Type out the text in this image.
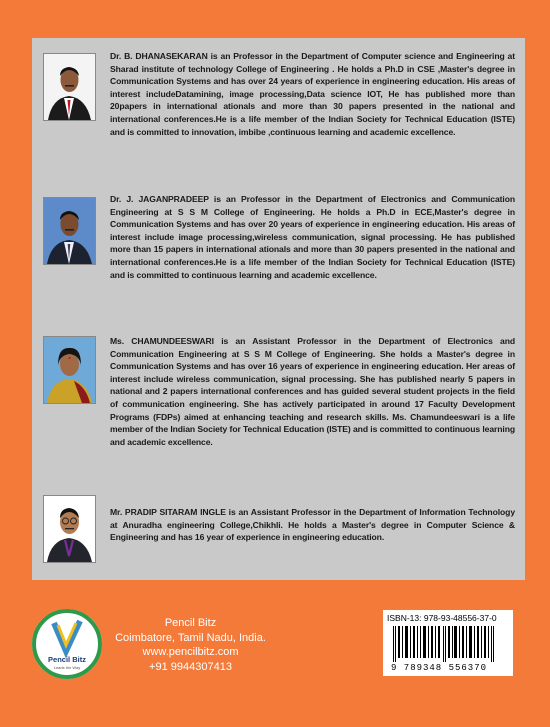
Dr. B. DHANASEKARAN is an Professor in the Department of Computer science and Engineering at Sharad institute of technology College of Engineering . He holds a Ph.D in CSE ,Master's degree in Communication Systems and has over 24 years of experience in engineering education. His areas of interest includeDatamining, image processing,Data science IOT, He has published more than 20papers in international ationals and more than 30 papers presented in the national and international conferences.He is a life member of the Indian Society for Technical Education (ISTE) and is committed to innovation, imbibe ,continuous learning and academic excellence.
Dr. J. JAGANPRADEEP is an Professor in the Department of Electronics and Communication Engineering at S S M College of Engineering. He holds a Ph.D in ECE,Master's degree in Communication Systems and has over 20 years of experience in engineering education. His areas of interest include image processing,wireless communication, signal processing. He has published more than 15 papers in international ationals and more than 30 papers presented in the national and international conferences.He is a life member of the Indian Society for Technical Education (ISTE) and is committed to continuous learning and academic excellence.
Ms. CHAMUNDEESWARI is an Assistant Professor in the Department of Electronics and Communication Engineering at S S M College of Engineering. She holds a Master's degree in Communication Systems and has over 16 years of experience in engineering education. Her areas of interest include wireless communication, signal processing. She has published nearly 5 papers in national and 2 papers international conferences and has guided several student projects in the field of communication engineering. She has actively participated in around 17 Faculty Development Programs (FDPs) aimed at enhancing teaching and research skills. Ms. Chamundeeswari is a life member of the Indian Society for Technical Education (ISTE) and is committed to continuous learning and academic excellence.
Mr. PRADIP SITARAM INGLE is an Assistant Professor in the Department of Information Technology at Anuradha engineering College,Chikhli. He holds a Master's degree in Computer Science & Engineering and has 16 year of experience in engineering education.
Pencil Bitz
Leads the Way
Pencil Bitz
Coimbatore, Tamil Nadu, India.
www.pencilbitz.com
+91 9944307413
ISBN-13: 978-93-48556-37-0
9 789348 556370
